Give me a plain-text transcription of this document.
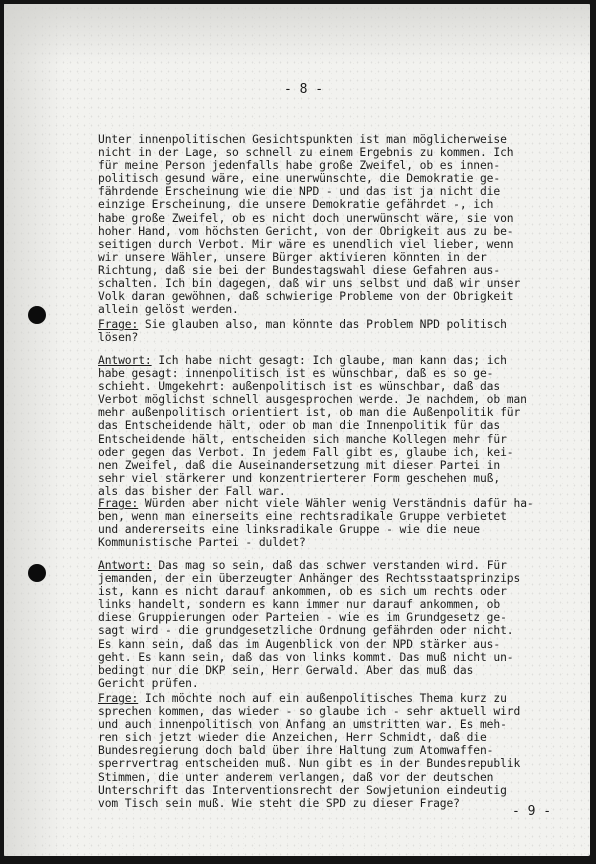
- 8 -
Unter innenpolitischen Gesichtspunkten ist man möglicherweise
nicht in der Lage, so schnell zu einem Ergebnis zu kommen. Ich
für meine Person jedenfalls habe große Zweifel, ob es innen-
politisch gesund wäre, eine unerwünschte, die Demokratie ge-
fährdende Erscheinung wie die NPD - und das ist ja nicht die
einzige Erscheinung, die unsere Demokratie gefährdet -, ich
habe große Zweifel, ob es nicht doch unerwünscht wäre, sie von
hoher Hand, vom höchsten Gericht, von der Obrigkeit aus zu be-
seitigen durch Verbot. Mir wäre es unendlich viel lieber, wenn
wir unsere Wähler, unsere Bürger aktivieren könnten in der
Richtung, daß sie bei der Bundestagswahl diese Gefahren aus-
schalten. Ich bin dagegen, daß wir uns selbst und daß wir unser
Volk daran gewöhnen, daß schwierige Probleme von der Obrigkeit
allein gelöst werden.
Frage: Sie glauben also, man könnte das Problem NPD politisch
lösen?
Antwort: Ich habe nicht gesagt: Ich glaube, man kann das; ich
habe gesagt: innenpolitisch ist es wünschbar, daß es so ge-
schieht. Umgekehrt: außenpolitisch ist es wünschbar, daß das
Verbot möglichst schnell ausgesprochen werde. Je nachdem, ob man
mehr außenpolitisch orientiert ist, ob man die Außenpolitik für
das Entscheidende hält, oder ob man die Innenpolitik für das
Entscheidende hält, entscheiden sich manche Kollegen mehr für
oder gegen das Verbot. In jedem Fall gibt es, glaube ich, kei-
nen Zweifel, daß die Auseinandersetzung mit dieser Partei in
sehr viel stärkerer und konzentrierterer Form geschehen muß,
als das bisher der Fall war.
Frage: Würden aber nicht viele Wähler wenig Verständnis dafür ha-
ben, wenn man einerseits eine rechtsradikale Gruppe verbietet
und andererseits eine linksradikale Gruppe - wie die neue
Kommunistische Partei - duldet?
Antwort: Das mag so sein, daß das schwer verstanden wird. Für
jemanden, der ein überzeugter Anhänger des Rechtsstaatsprinzips
ist, kann es nicht darauf ankommen, ob es sich um rechts oder
links handelt, sondern es kann immer nur darauf ankommen, ob
diese Gruppierungen oder Parteien - wie es im Grundgesetz ge-
sagt wird - die grundgesetzliche Ordnung gefährden oder nicht.
Es kann sein, daß das im Augenblick von der NPD stärker aus-
geht. Es kann sein, daß das von links kommt. Das muß nicht un-
bedingt nur die DKP sein, Herr Gerwald. Aber das muß das
Gericht prüfen.
Frage: Ich möchte noch auf ein außenpolitisches Thema kurz zu
sprechen kommen, das wieder - so glaube ich - sehr aktuell wird
und auch innenpolitisch von Anfang an umstritten war. Es meh-
ren sich jetzt wieder die Anzeichen, Herr Schmidt, daß die
Bundesregierung doch bald über ihre Haltung zum Atomwaffen-
sperrvertrag entscheiden muß. Nun gibt es in der Bundesrepublik
Stimmen, die unter anderem verlangen, daß vor der deutschen
Unterschrift das Interventionsrecht der Sowjetunion eindeutig
vom Tisch sein muß. Wie steht die SPD zu dieser Frage?
- 9 -
